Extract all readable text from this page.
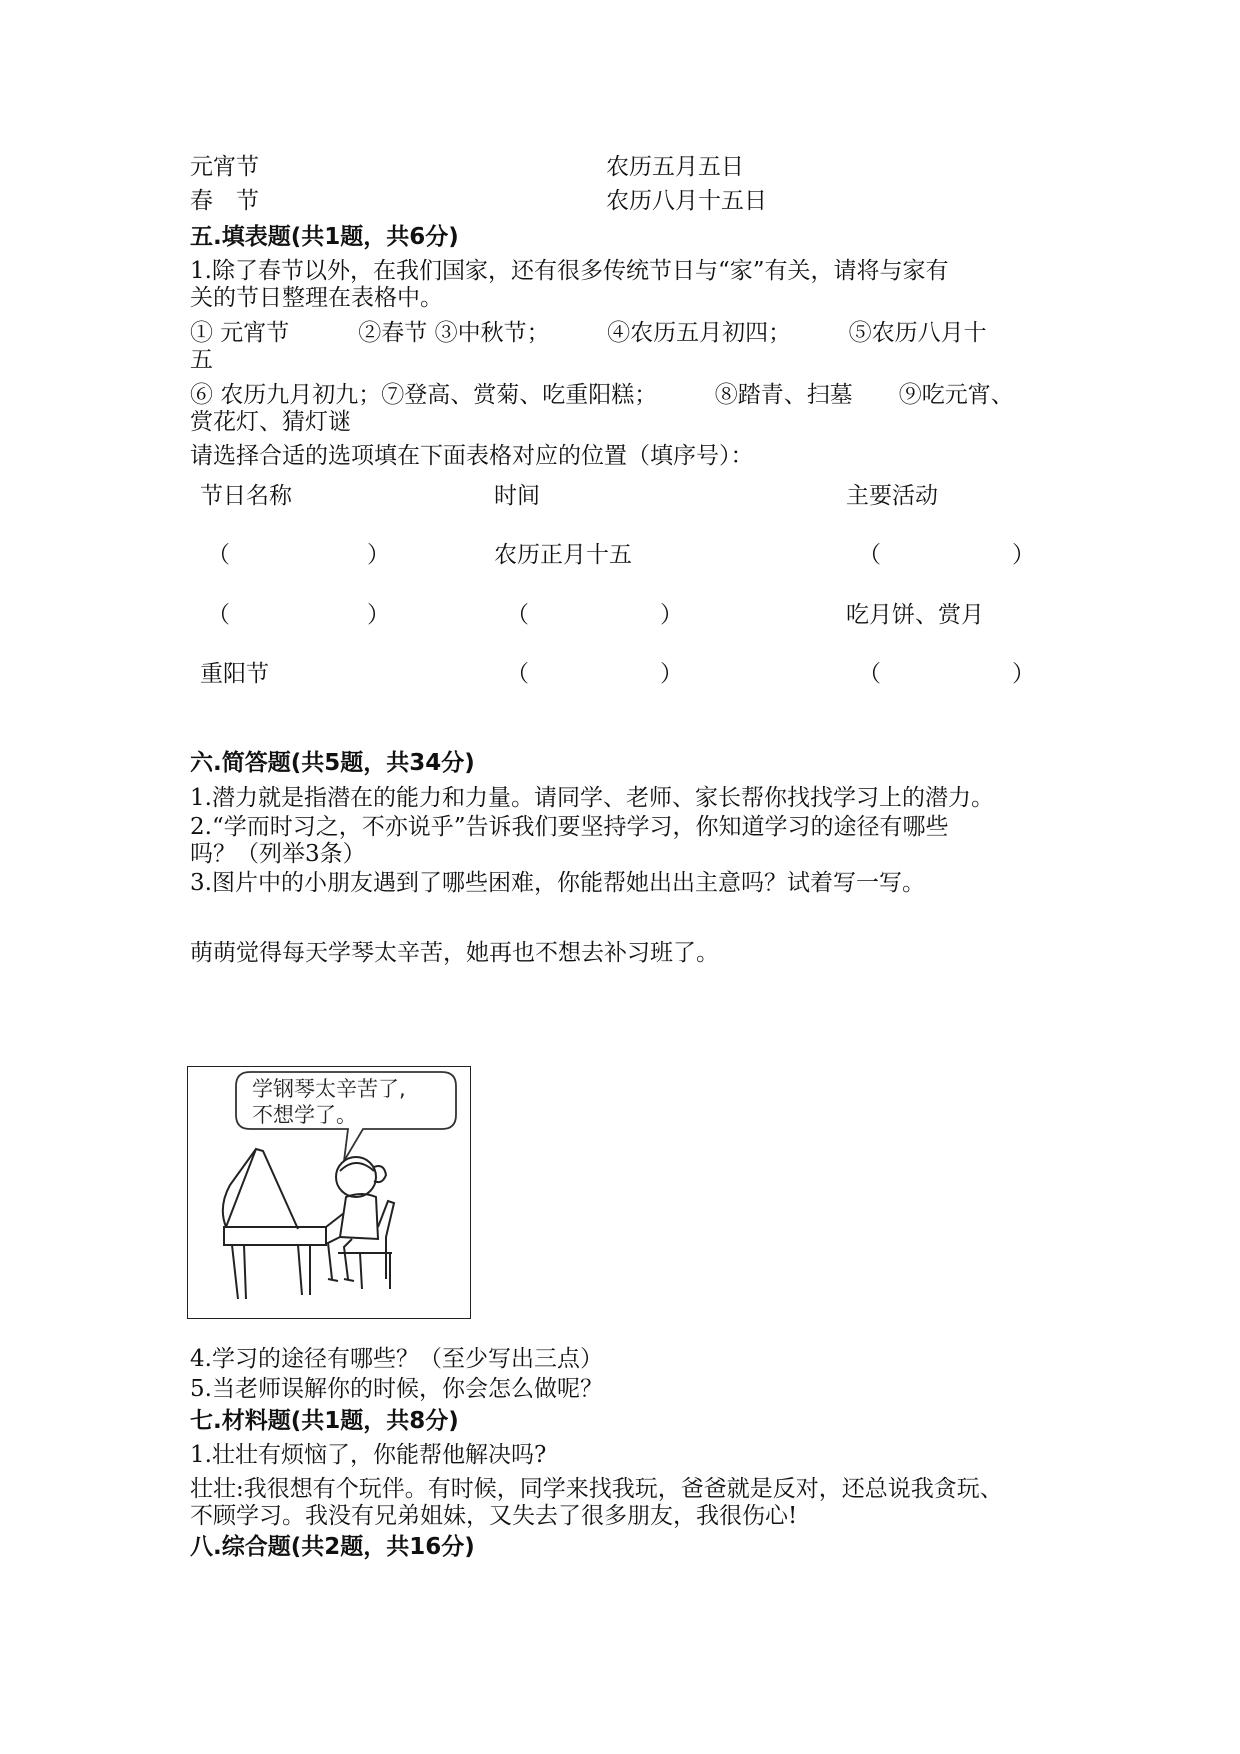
元宵节	农历五月五日
春　节	农历八月十五日
五.填表题(共1题，共6分)
1.除了春节以外，在我们国家，还有很多传统节日与“家”有关，请将与家有
关的节日整理在表格中。
① 元宵节　　　②春节 ③中秋节；　　　④农历五月初四；　　　⑤农历八月十
五
⑥ 农历九月初九；⑦登高、赏菊、吃重阳糕；　　　⑧踏青、扫墓　　⑨吃元宵、
赏花灯、猜灯谜
请选择合适的选项填在下面表格对应的位置（填序号）：
节日名称	时间	主要活动
（	）	农历正月十五	（	）
（	）	（	）	吃月饼、赏月
重阳节	（	）	（	）
六.简答题(共5题，共34分)
1.潜力就是指潜在的能力和力量。请同学、老师、家长帮你找找学习上的潜力。
2.“学而时习之，不亦说乎”告诉我们要坚持学习，你知道学习的途径有哪些
吗？（列举3条）
3.图片中的小朋友遇到了哪些困难，你能帮她出出主意吗？试着写一写。
萌萌觉得每天学琴太辛苦，她再也不想去补习班了。
学钢琴太辛苦了,
不想学了。
4.学习的途径有哪些？（至少写出三点）
5.当老师误解你的时候，你会怎么做呢？
七.材料题(共1题，共8分)
1.壮壮有烦恼了，你能帮他解决吗?
壮壮:我很想有个玩伴。有时候，同学来找我玩，爸爸就是反对，还总说我贪玩、
不顾学习。我没有兄弟姐妹，又失去了很多朋友，我很伤心!
八.综合题(共2题，共16分)
